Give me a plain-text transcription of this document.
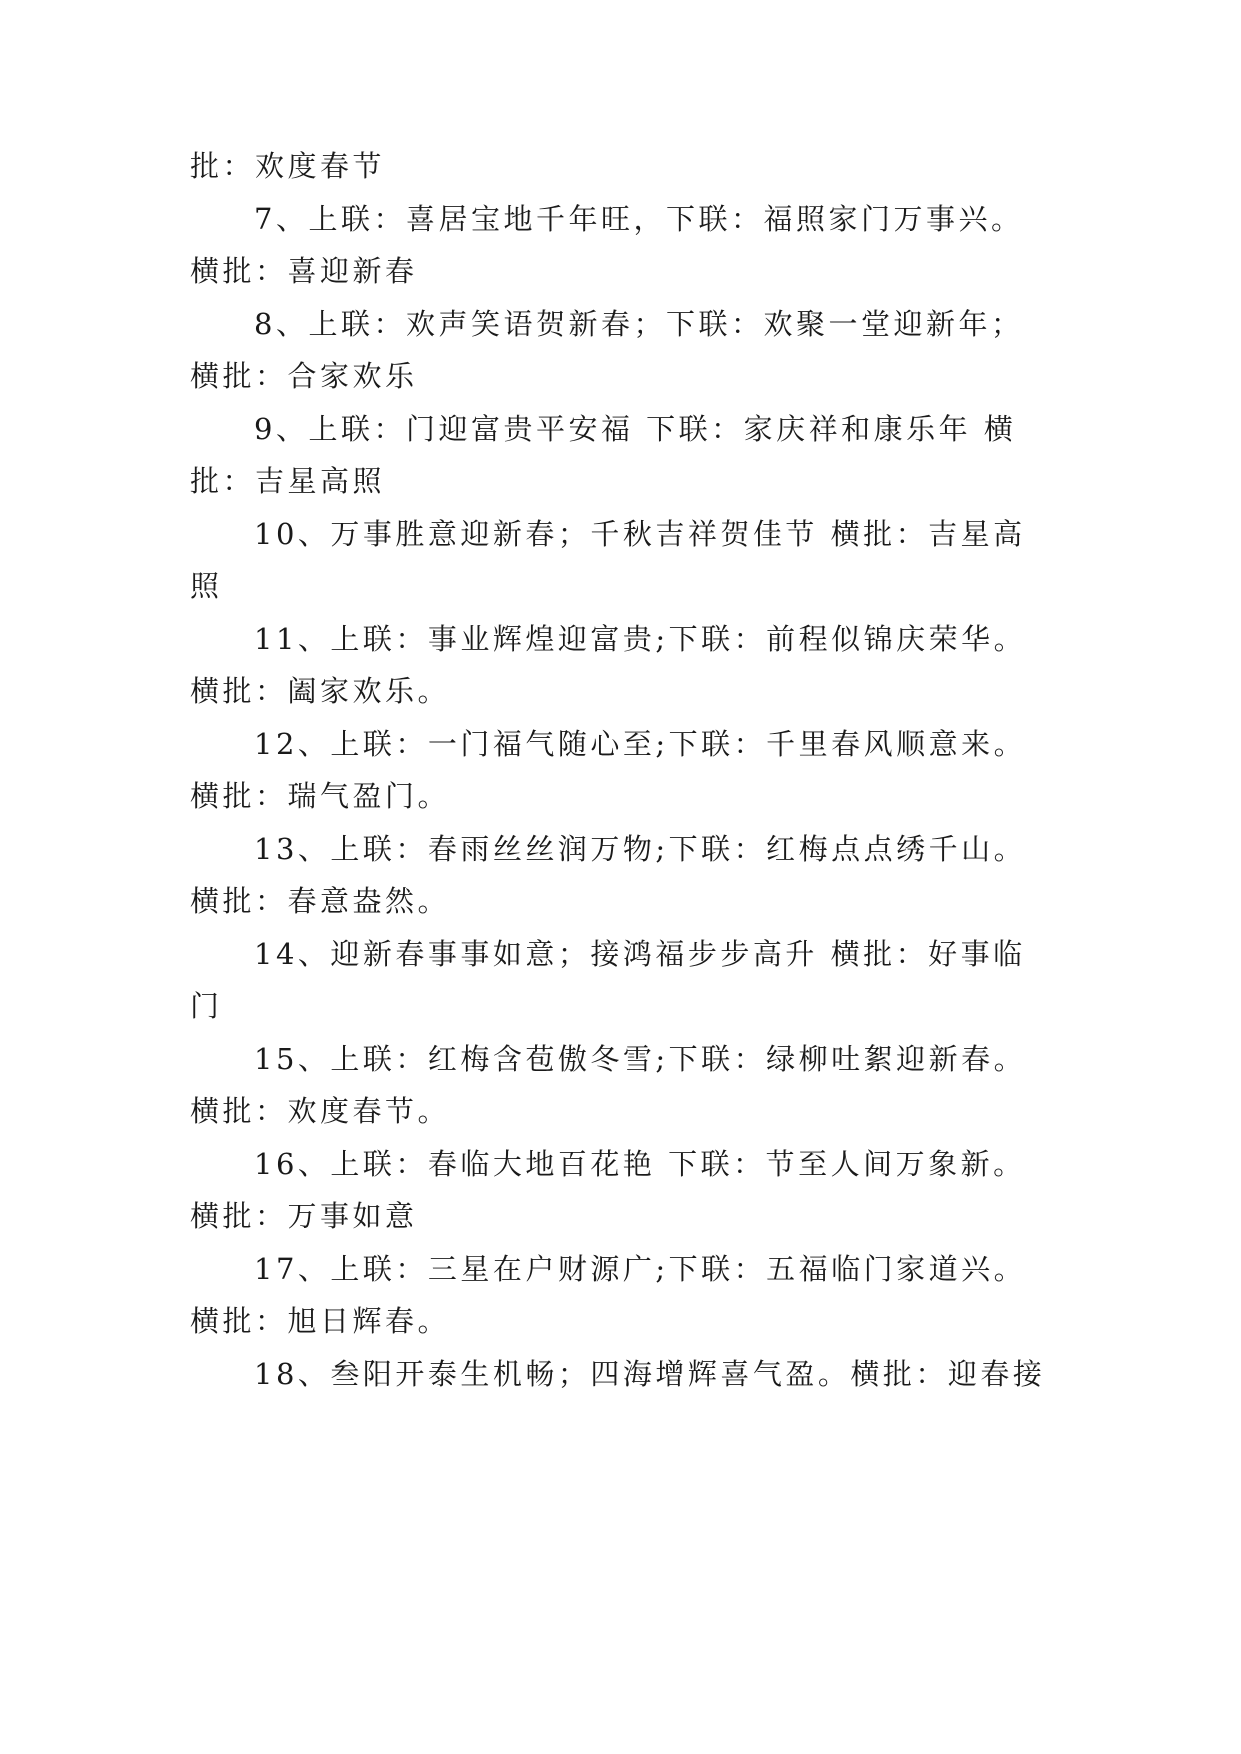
批：欢度春节
7、上联：喜居宝地千年旺，下联：福照家门万事兴。
横批：喜迎新春
8、上联：欢声笑语贺新春；下联：欢聚一堂迎新年；
横批：合家欢乐
9、上联：门迎富贵平安福 下联：家庆祥和康乐年 横
批：吉星高照
10、万事胜意迎新春；千秋吉祥贺佳节 横批：吉星高
照
11、上联：事业辉煌迎富贵;下联：前程似锦庆荣华。
横批：阖家欢乐。
12、上联：一门福气随心至;下联：千里春风顺意来。
横批：瑞气盈门。
13、上联：春雨丝丝润万物;下联：红梅点点绣千山。
横批：春意盎然。
14、迎新春事事如意；接鸿福步步高升 横批：好事临
门
15、上联：红梅含苞傲冬雪;下联：绿柳吐絮迎新春。
横批：欢度春节。
16、上联：春临大地百花艳 下联：节至人间万象新。
横批：万事如意
17、上联：三星在户财源广;下联：五福临门家道兴。
横批：旭日辉春。
18、叁阳开泰生机畅；四海增辉喜气盈。横批：迎春接
